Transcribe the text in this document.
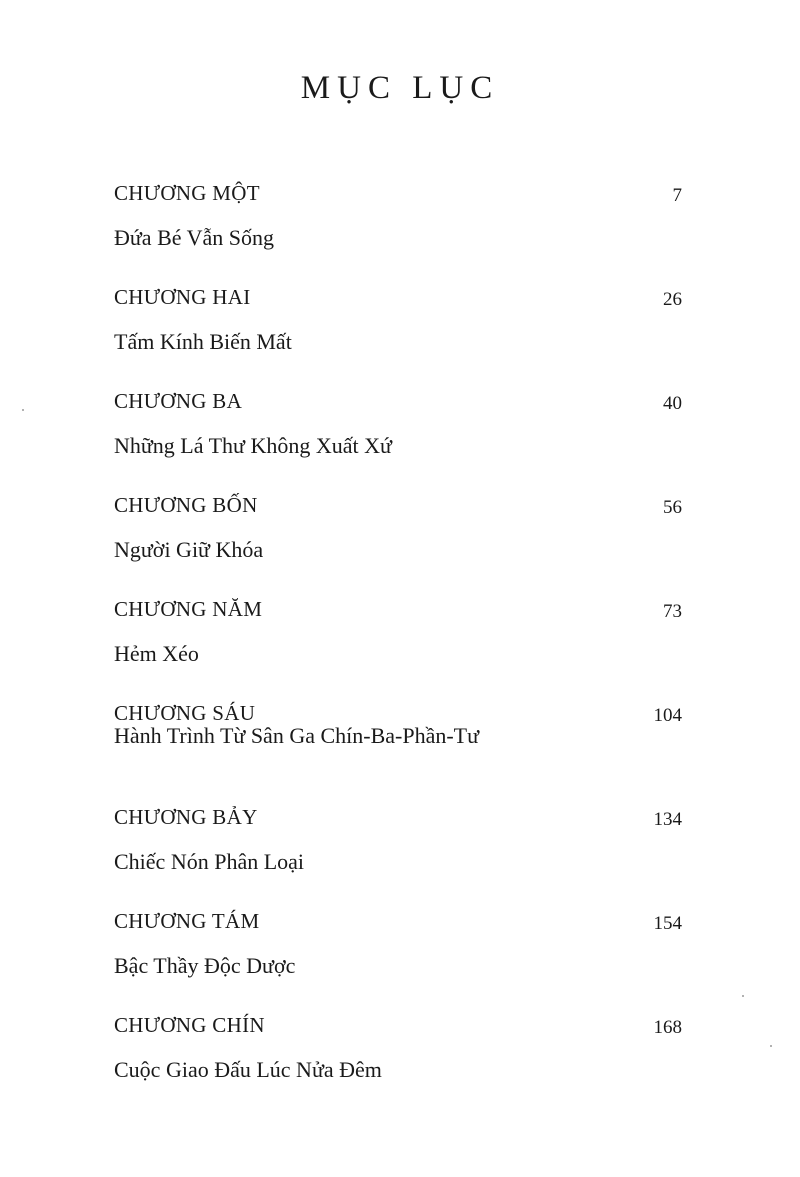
MỤC LỤC
CHƯƠNG MỘT	7
Đứa Bé Vẫn Sống
CHƯƠNG HAI	26
Tấm Kính Biến Mất
CHƯƠNG BA	40
Những Lá Thư Không Xuất Xứ
CHƯƠNG BỐN	56
Người Giữ Khóa
CHƯƠNG NĂM	73
Hẻm Xéo
CHƯƠNG SÁU	104
Hành Trình Từ Sân Ga Chín-Ba-Phần-Tư
CHƯƠNG BẢY	134
Chiếc Nón Phân Loại
CHƯƠNG TÁM	154
Bậc Thầy Độc Dược
CHƯƠNG CHÍN	168
Cuộc Giao Đấu Lúc Nửa Đêm
